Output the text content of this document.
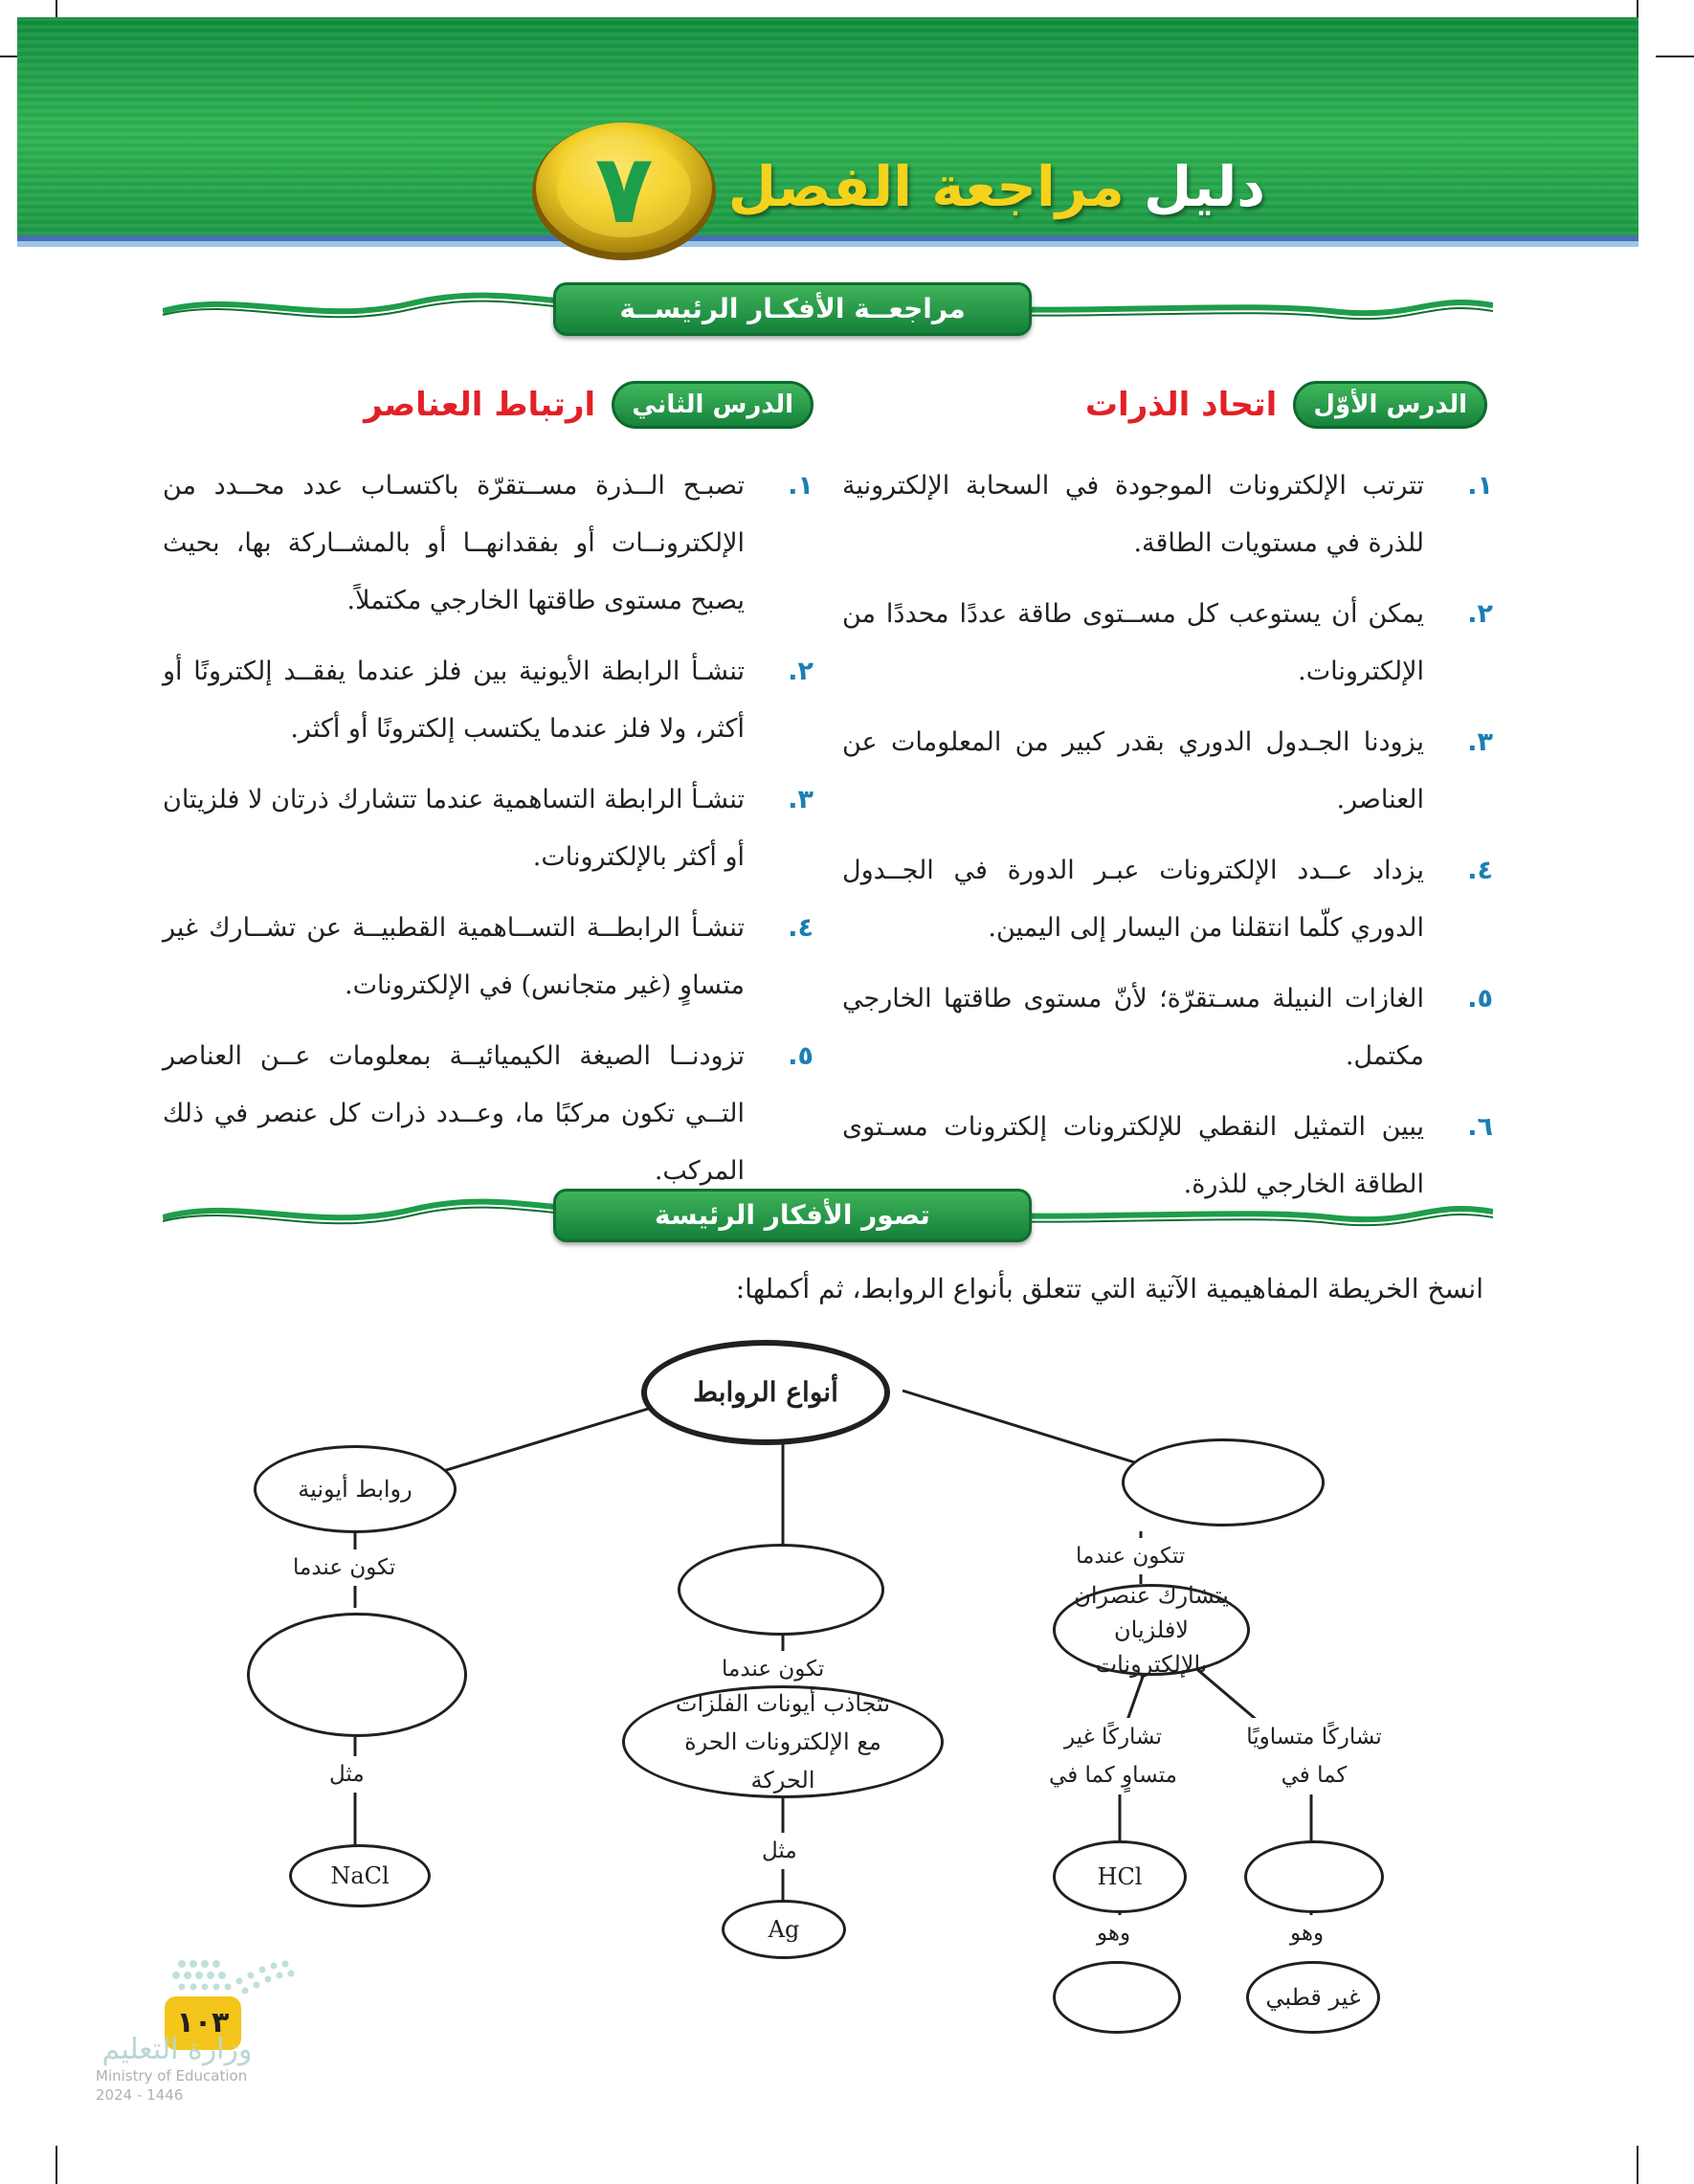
٧	دليل مراجعة الفصل
مراجعــة الأفكـار الرئيســة
الدرس الأوّل اتحاد الذرات
١.
تترتب الإلكترونات الموجودة في السحابة الإلكترونية للذرة في مستويات الطاقة.
٢.
يمكن أن يستوعب كل مســتوى طاقة عددًا محددًا من الإلكترونات.
٣.
يزودنا الجـدول الدوري بقدر كبير من المعلومات عن العناصر.
٤.
يزداد عــدد الإلكترونات عبـر الدورة في الجــدول الدوري كلّما انتقلنا من اليسار إلى اليمين.
٥.
الغازات النبيلة مسـتقرّة؛ لأنّ مستوى طاقتها الخارجي مكتمل.
٦.
يبين التمثيل النقطي للإلكترونات إلكترونات مسـتوى الطاقة الخارجي للذرة.
الدرس الثاني ارتباط العناصر
١.
تصبـح الــذرة مســتقرّة باكتسـاب عدد محــدد من الإلكترونــات أو بفقدانهــا أو بالمشــاركة بها، بحيث يصبح مستوى طاقتها الخارجي مكتملاً.
٢.
تنشـأ الرابطة الأيونية بين فلز عندما يفقــد إلكترونًا أو أكثر، ولا فلز عندما يكتسب إلكترونًا أو أكثر.
٣.
تنشـأ الرابطة التساهمية عندما تتشارك ذرتان لا فلزيتان أو أكثر بالإلكترونات.
٤.
تنشـأ الرابطــة التســاهمية القطبيــة عن تشــارك غير متساوٍ (غير متجانس) في الإلكترونات.
٥.
تزودنــا الصيغة الكيميائيــة بمعلومات عــن العناصر التــي تكون مركبًا ما، وعــدد ذرات كل عنصر في ذلك المركب.
تصور الأفكار الرئيسة
انسخ الخريطة المفاهيمية الآتية التي تتعلق بأنواع الروابط، ثم أكملها:
أنواع الروابط
روابط أيونية
تكون عندما
مثل
NaCl
تكون عندما
تتجاذب أيونات الفلزات مع الإلكترونات الحرة الحركة
مثل
Ag
تتكون عندما
يتشارك عنصران لافلزيان بالإلكترونات
تشاركًا غير متساوٍ كما في
تشاركًا متساويًا كما في
HCl
وهو	وهو
غير قطبي
١٠٣
وزارة التعليم
Ministry of Education
2024 - 1446
